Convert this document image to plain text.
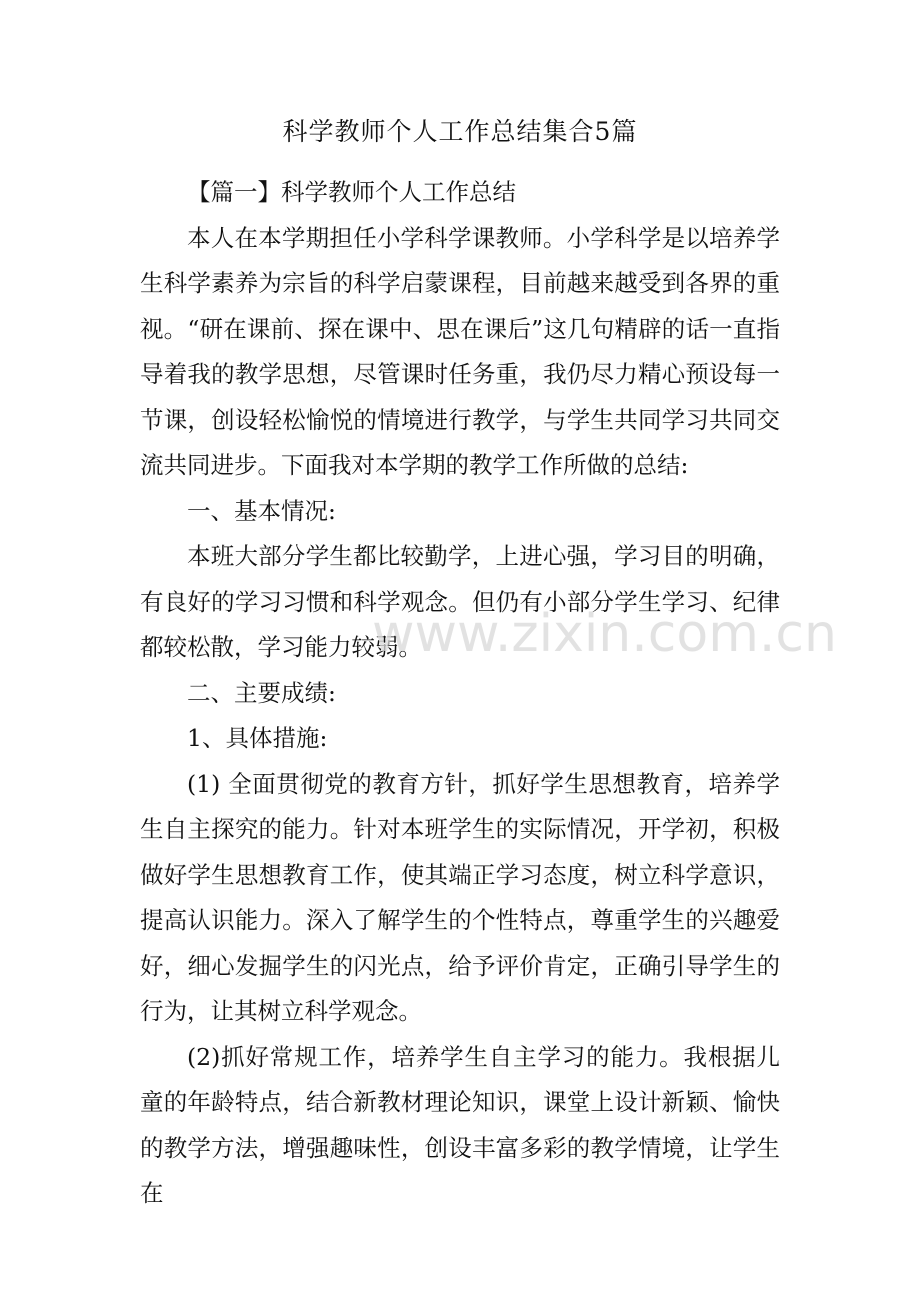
科学教师个人工作总结集合5篇

【篇一】科学教师个人工作总结

本人在本学期担任小学科学课教师。小学科学是以培养学生科学素养为宗旨的科学启蒙课程，目前越来越受到各界的重视。“研在课前、探在课中、思在课后”这几句精辟的话一直指导着我的教学思想，尽管课时任务重，我仍尽力精心预设每一节课，创设轻松愉悦的情境进行教学，与学生共同学习共同交流共同进步。下面我对本学期的教学工作所做的总结:

一、基本情况:

本班大部分学生都比较勤学，上进心强，学习目的明确，有良好的学习习惯和科学观念。但仍有小部分学生学习、纪律都较松散，学习能力较弱。

二、主要成绩:

1、具体措施:

(1) 全面贯彻党的教育方针，抓好学生思想教育，培养学生自主探究的能力。针对本班学生的实际情况，开学初，积极做好学生思想教育工作，使其端正学习态度，树立科学意识，提高认识能力。深入了解学生的个性特点，尊重学生的兴趣爱好，细心发掘学生的闪光点，给予评价肯定，正确引导学生的行为，让其树立科学观念。

(2)抓好常规工作，培养学生自主学习的能力。我根据儿童的年龄特点，结合新教材理论知识，课堂上设计新颖、愉快的教学方法，增强趣味性，创设丰富多彩的教学情境，让学生在

www.zixin.com.cn
